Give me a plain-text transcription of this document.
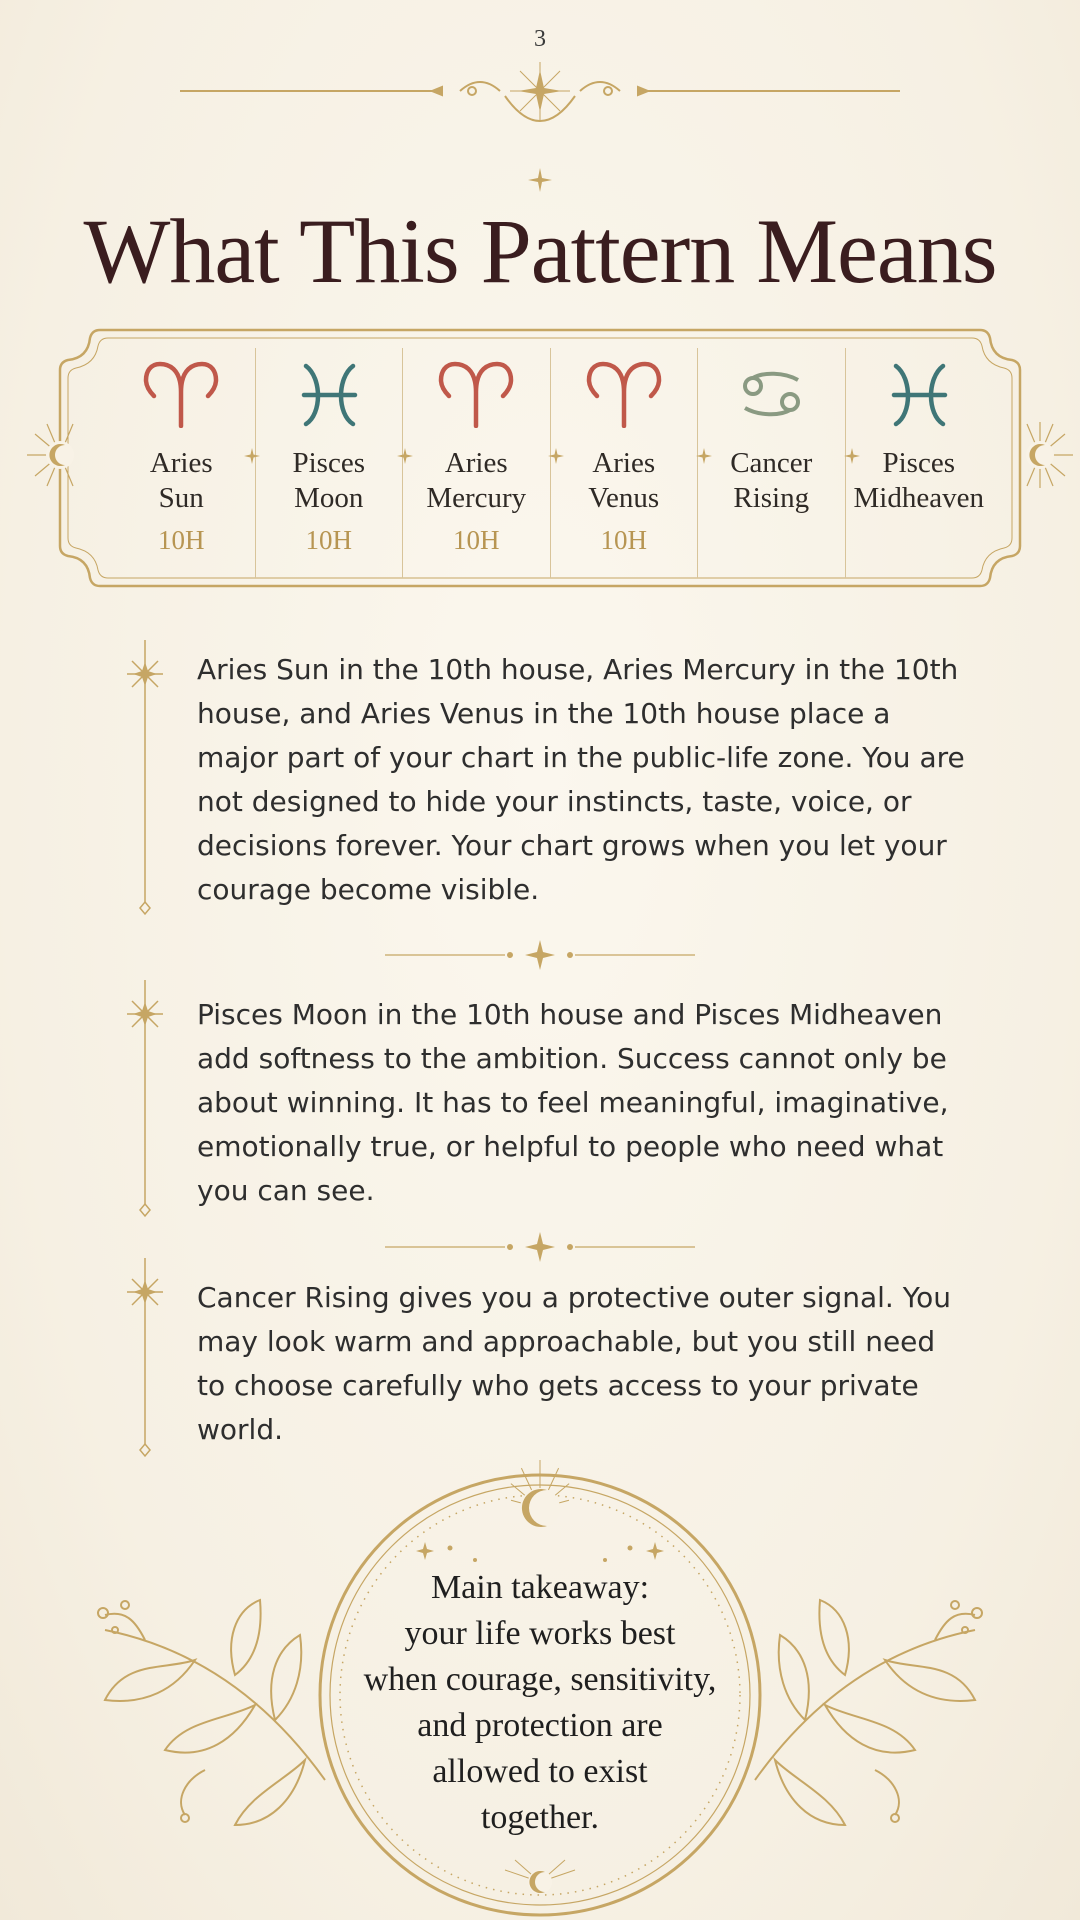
3
What This Pattern Means
Aries
Sun
10H
Pisces
Moon
10H
Aries
Mercury
10H
Aries
Venus
10H
Cancer
Rising
Pisces
Midheaven

Aries Sun in the 10th house, Aries Mercury in the 10th house, and Aries Venus in the 10th house place a major part of your chart in the public-life zone. You are not designed to hide your instincts, taste, voice, or decisions forever. Your chart grows when you let your courage become visible.

Pisces Moon in the 10th house and Pisces Midheaven add softness to the ambition. Success cannot only be about winning. It has to feel meaningful, imaginative, emotionally true, or helpful to people who need what you can see.

Cancer Rising gives you a protective outer signal. You may look warm and approachable, but you still need to choose carefully who gets access to your private world.

Main takeaway:
your life works best
when courage, sensitivity,
and protection are
allowed to exist
together.
